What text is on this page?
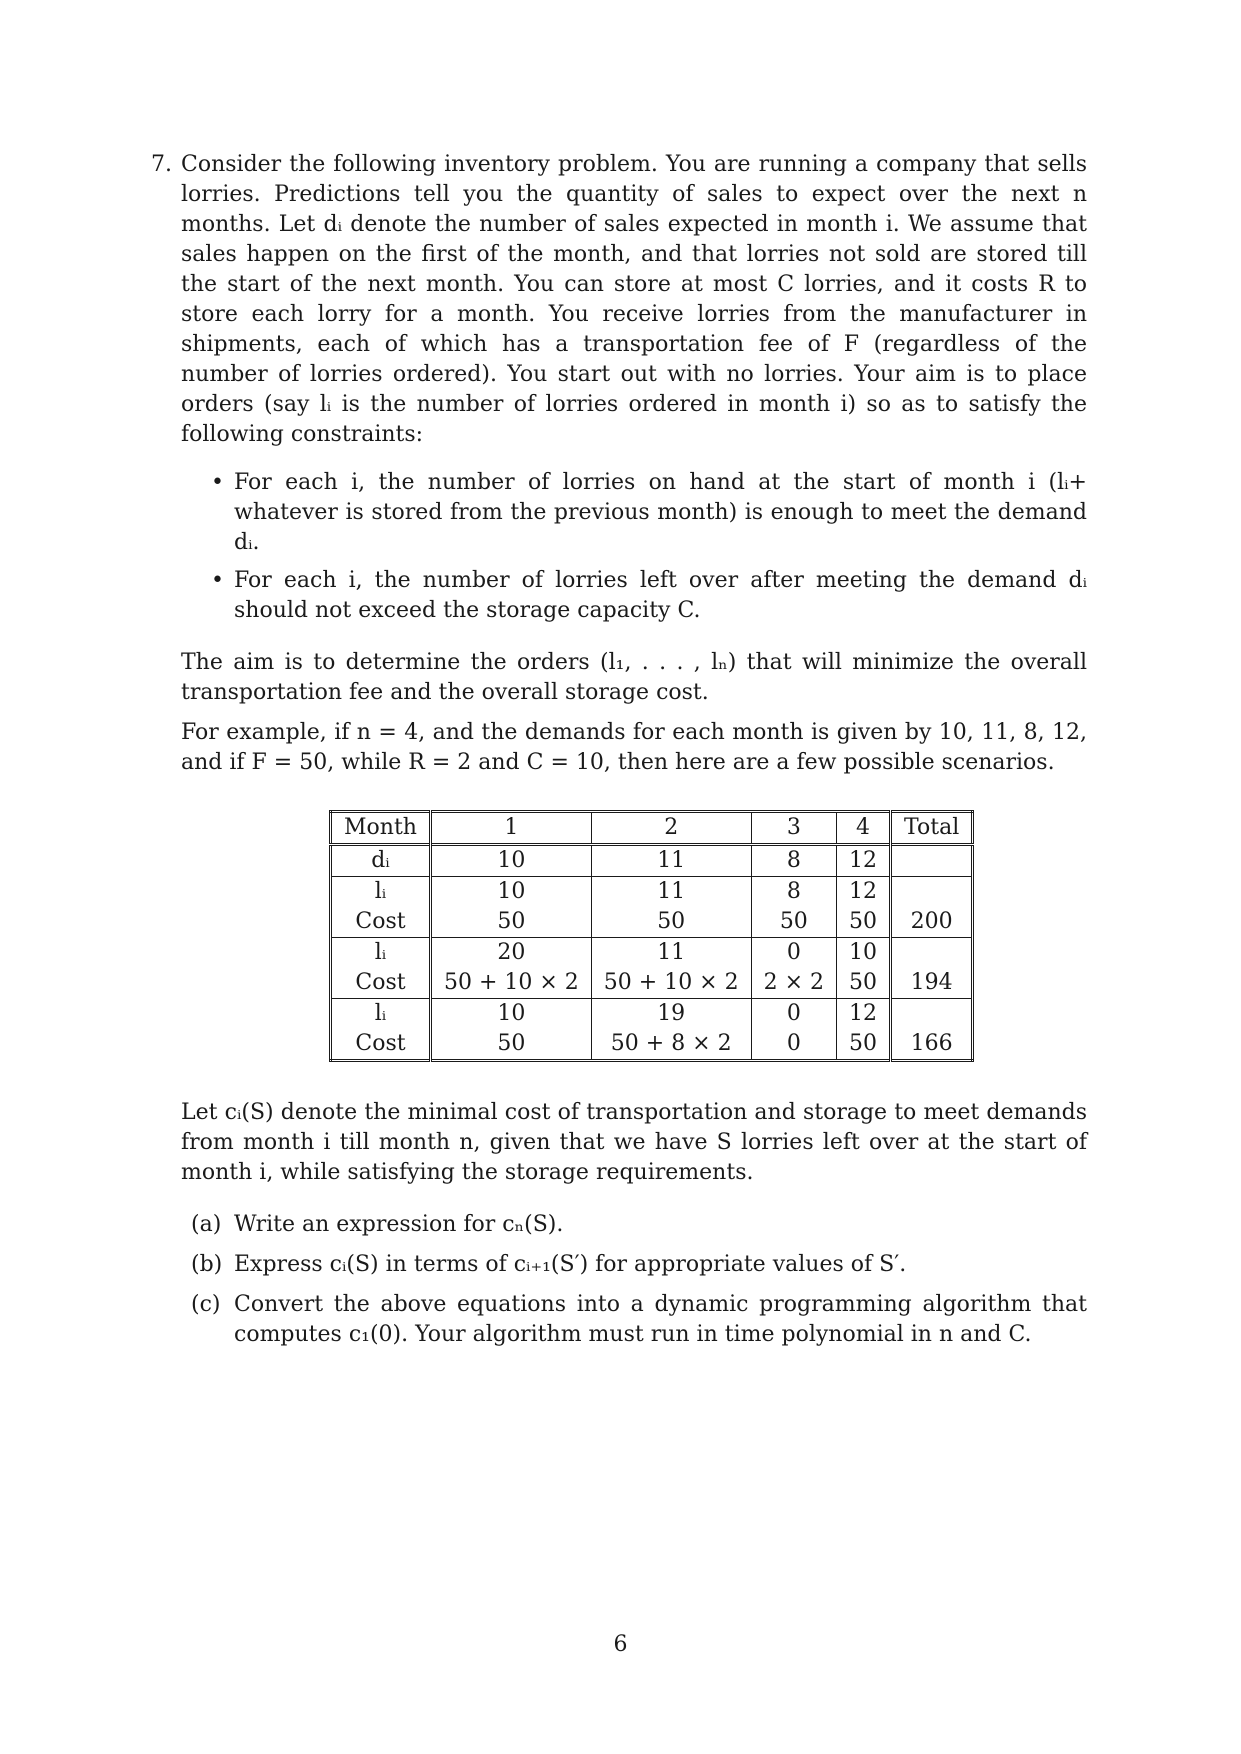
7. Consider the following inventory problem. You are running a company that sells lorries. Predictions tell you the quantity of sales to expect over the next n months. Let dᵢ denote the number of sales expected in month i. We assume that sales happen on the first of the month, and that lorries not sold are stored till the start of the next month. You can store at most C lorries, and it costs R to store each lorry for a month. You receive lorries from the manufacturer in shipments, each of which has a transportation fee of F (regardless of the number of lorries ordered). You start out with no lorries. Your aim is to place orders (say lᵢ is the number of lorries ordered in month i) so as to satisfy the following constraints:

• For each i, the number of lorries on hand at the start of month i (lᵢ+ whatever is stored from the previous month) is enough to meet the demand dᵢ.
• For each i, the number of lorries left over after meeting the demand dᵢ should not exceed the storage capacity C.

The aim is to determine the orders (l₁, . . . , lₙ) that will minimize the overall transportation fee and the overall storage cost.

For example, if n = 4, and the demands for each month is given by 10, 11, 8, 12, and if F = 50, while R = 2 and C = 10, then here are a few possible scenarios.

Month	1	2	3	4	Total
dᵢ	10	11	8	12	
lᵢ	10	11	8	12	
Cost	50	50	50	50	200
lᵢ	20	11	0	10	
Cost	50 + 10 × 2	50 + 10 × 2	2 × 2	50	194
lᵢ	10	19	0	12	
Cost	50	50 + 8 × 2	0	50	166

Let cᵢ(S) denote the minimal cost of transportation and storage to meet demands from month i till month n, given that we have S lorries left over at the start of month i, while satisfying the storage requirements.

(a) Write an expression for cₙ(S).
(b) Express cᵢ(S) in terms of cᵢ₊₁(S′) for appropriate values of S′.
(c) Convert the above equations into a dynamic programming algorithm that computes c₁(0). Your algorithm must run in time polynomial in n and C.
6
